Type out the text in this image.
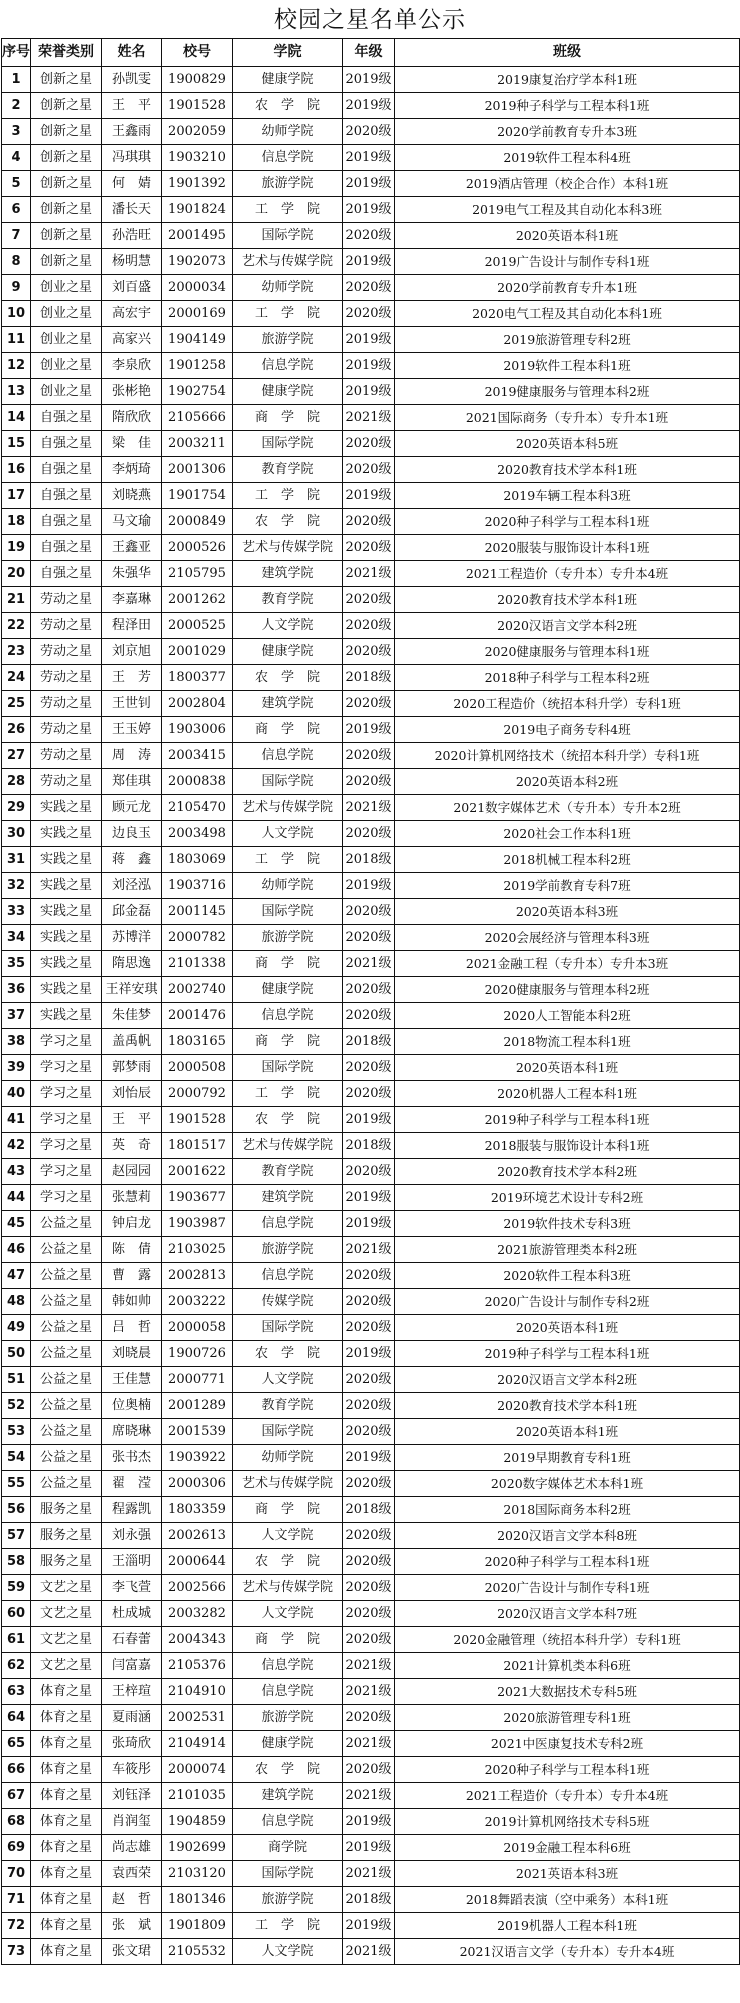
校园之星名单公示
序号	荣誉类别	姓名	校号	学院	年级	班级
1	创新之星	孙凯雯	1900829	健康学院	2019级	2019康复治疗学本科1班
2	创新之星	王　平	1901528	农　学　院	2019级	2019种子科学与工程本科1班
3	创新之星	王鑫雨	2002059	幼师学院	2020级	2020学前教育专升本3班
4	创新之星	冯琪琪	1903210	信息学院	2019级	2019软件工程本科4班
5	创新之星	何　婧	1901392	旅游学院	2019级	2019酒店管理（校企合作）本科1班
6	创新之星	潘长天	1901824	工　学　院	2019级	2019电气工程及其自动化本科3班
7	创新之星	孙浩旺	2001495	国际学院	2020级	2020英语本科1班
8	创新之星	杨明慧	1902073	艺术与传媒学院	2019级	2019广告设计与制作专科1班
9	创业之星	刘百盛	2000034	幼师学院	2020级	2020学前教育专升本1班
10	创业之星	高宏宇	2000169	工　学　院	2020级	2020电气工程及其自动化本科1班
11	创业之星	高家兴	1904149	旅游学院	2019级	2019旅游管理专科2班
12	创业之星	李泉欣	1901258	信息学院	2019级	2019软件工程本科1班
13	创业之星	张彬艳	1902754	健康学院	2019级	2019健康服务与管理本科2班
14	自强之星	隋欣欣	2105666	商　学　院	2021级	2021国际商务（专升本）专升本1班
15	自强之星	梁　佳	2003211	国际学院	2020级	2020英语本科5班
16	自强之星	李炳琦	2001306	教育学院	2020级	2020教育技术学本科1班
17	自强之星	刘晓燕	1901754	工　学　院	2019级	2019车辆工程本科3班
18	自强之星	马文瑜	2000849	农　学　院	2020级	2020种子科学与工程本科1班
19	自强之星	王鑫亚	2000526	艺术与传媒学院	2020级	2020服装与服饰设计本科1班
20	自强之星	朱强华	2105795	建筑学院	2021级	2021工程造价（专升本）专升本4班
21	劳动之星	李嘉琳	2001262	教育学院	2020级	2020教育技术学本科1班
22	劳动之星	程泽田	2000525	人文学院	2020级	2020汉语言文学本科2班
23	劳动之星	刘京旭	2001029	健康学院	2020级	2020健康服务与管理本科1班
24	劳动之星	王　芳	1800377	农　学　院	2018级	2018种子科学与工程本科2班
25	劳动之星	王世钊	2002804	建筑学院	2020级	2020工程造价（统招本科升学）专科1班
26	劳动之星	王玉婷	1903006	商　学　院	2019级	2019电子商务专科4班
27	劳动之星	周　涛	2003415	信息学院	2020级	2020计算机网络技术（统招本科升学）专科1班
28	劳动之星	郑佳琪	2000838	国际学院	2020级	2020英语本科2班
29	实践之星	顾元龙	2105470	艺术与传媒学院	2021级	2021数字媒体艺术（专升本）专升本2班
30	实践之星	边良玉	2003498	人文学院	2020级	2020社会工作本科1班
31	实践之星	蒋　鑫	1803069	工　学　院	2018级	2018机械工程本科2班
32	实践之星	刘泾泓	1903716	幼师学院	2019级	2019学前教育专科7班
33	实践之星	邱金磊	2001145	国际学院	2020级	2020英语本科3班
34	实践之星	苏博洋	2000782	旅游学院	2020级	2020会展经济与管理本科3班
35	实践之星	隋思逸	2101338	商　学　院	2021级	2021金融工程（专升本）专升本3班
36	实践之星	王祥安琪	2002740	健康学院	2020级	2020健康服务与管理本科2班
37	实践之星	朱佳梦	2001476	信息学院	2020级	2020人工智能本科2班
38	学习之星	盖禹帆	1803165	商　学　院	2018级	2018物流工程本科1班
39	学习之星	郭梦雨	2000508	国际学院	2020级	2020英语本科1班
40	学习之星	刘怡辰	2000792	工　学　院	2020级	2020机器人工程本科1班
41	学习之星	王　平	1901528	农　学　院	2019级	2019种子科学与工程本科1班
42	学习之星	英　奇	1801517	艺术与传媒学院	2018级	2018服装与服饰设计本科1班
43	学习之星	赵园园	2001622	教育学院	2020级	2020教育技术学本科2班
44	学习之星	张慧莉	1903677	建筑学院	2019级	2019环境艺术设计专科2班
45	公益之星	钟启龙	1903987	信息学院	2019级	2019软件技术专科3班
46	公益之星	陈　倩	2103025	旅游学院	2021级	2021旅游管理类本科2班
47	公益之星	曹　露	2002813	信息学院	2020级	2020软件工程本科3班
48	公益之星	韩如帅	2003222	传媒学院	2020级	2020广告设计与制作专科2班
49	公益之星	吕　哲	2000058	国际学院	2020级	2020英语本科1班
50	公益之星	刘晓晨	1900726	农　学　院	2019级	2019种子科学与工程本科1班
51	公益之星	王佳慧	2000771	人文学院	2020级	2020汉语言文学本科2班
52	公益之星	位奥楠	2001289	教育学院	2020级	2020教育技术学本科1班
53	公益之星	席晓琳	2001539	国际学院	2020级	2020英语本科1班
54	公益之星	张书杰	1903922	幼师学院	2019级	2019早期教育专科1班
55	公益之星	翟　滢	2000306	艺术与传媒学院	2020级	2020数字媒体艺术本科1班
56	服务之星	程露凯	1803359	商　学　院	2018级	2018国际商务本科2班
57	服务之星	刘永强	2002613	人文学院	2020级	2020汉语言文学本科8班
58	服务之星	王淄明	2000644	农　学　院	2020级	2020种子科学与工程本科1班
59	文艺之星	李飞萱	2002566	艺术与传媒学院	2020级	2020广告设计与制作专科1班
60	文艺之星	杜成城	2003282	人文学院	2020级	2020汉语言文学本科7班
61	文艺之星	石春蕾	2004343	商　学　院	2020级	2020金融管理（统招本科升学）专科1班
62	文艺之星	闫富嘉	2105376	信息学院	2021级	2021计算机类本科6班
63	体育之星	王梓瑄	2104910	信息学院	2021级	2021大数据技术专科5班
64	体育之星	夏雨涵	2002531	旅游学院	2020级	2020旅游管理专科1班
65	体育之星	张琦欣	2104914	健康学院	2021级	2021中医康复技术专科2班
66	体育之星	车筱彤	2000074	农　学　院	2020级	2020种子科学与工程本科1班
67	体育之星	刘钰泽	2101035	建筑学院	2021级	2021工程造价（专升本）专升本4班
68	体育之星	肖润玺	1904859	信息学院	2019级	2019计算机网络技术专科5班
69	体育之星	尚志雄	1902699	商学院	2019级	2019金融工程本科6班
70	体育之星	袁西荣	2103120	国际学院	2021级	2021英语本科3班
71	体育之星	赵　哲	1801346	旅游学院	2018级	2018舞蹈表演（空中乘务）本科1班
72	体育之星	张　斌	1901809	工　学　院	2019级	2019机器人工程本科1班
73	体育之星	张文珺	2105532	人文学院	2021级	2021汉语言文学（专升本）专升本4班
